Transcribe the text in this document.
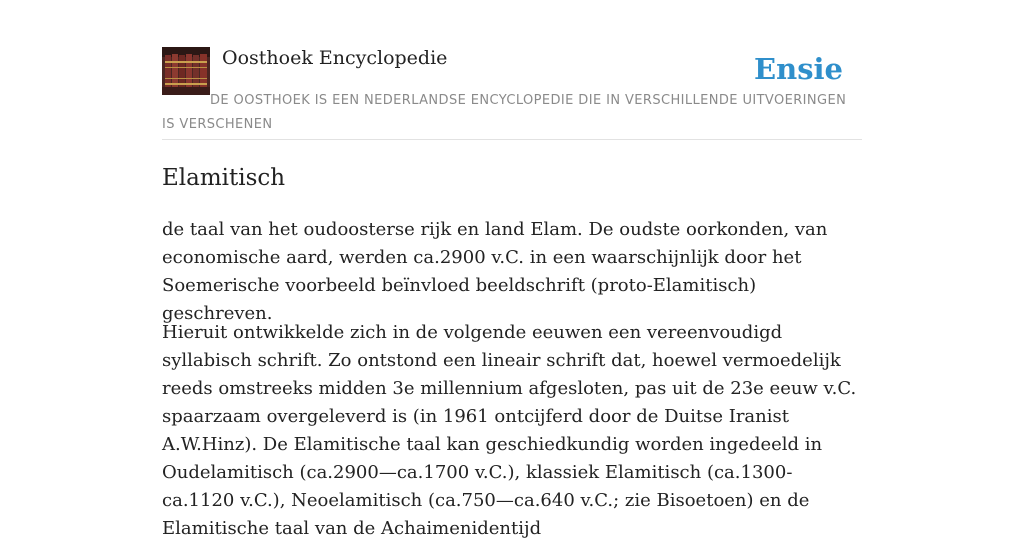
Oosthoek Encyclopedie	Ensie
DE OOSTHOEK IS EEN NEDERLANDSE ENCYCLOPEDIE DIE IN VERSCHILLENDE UITVOERINGEN IS VERSCHENEN
Elamitisch

de taal van het oudoosterse rijk en land Elam. De oudste oorkonden, van economische aard, werden ca.2900 v.C. in een waarschijnlijk door het Soemerische voorbeeld beïnvloed beeldschrift (proto-Elamitisch) geschreven.

Hieruit ontwikkelde zich in de volgende eeuwen een vereenvoudigd syllabisch schrift. Zo ontstond een lineair schrift dat, hoewel vermoedelijk reeds omstreeks midden 3e millennium afgesloten, pas uit de 23e eeuw v.C. spaarzaam overgeleverd is (in 1961 ontcijferd door de Duitse Iranist A.W.Hinz). De Elamitische taal kan geschiedkundig worden ingedeeld in Oudelamitisch (ca.2900—ca.1700 v.C.), klassiek Elamitisch (ca.1300-ca.1120 v.C.), Neoelamitisch (ca.750—ca.640 v.C.; zie Bisoetoen) en de Elamitische taal van de Achaimenidentijd
